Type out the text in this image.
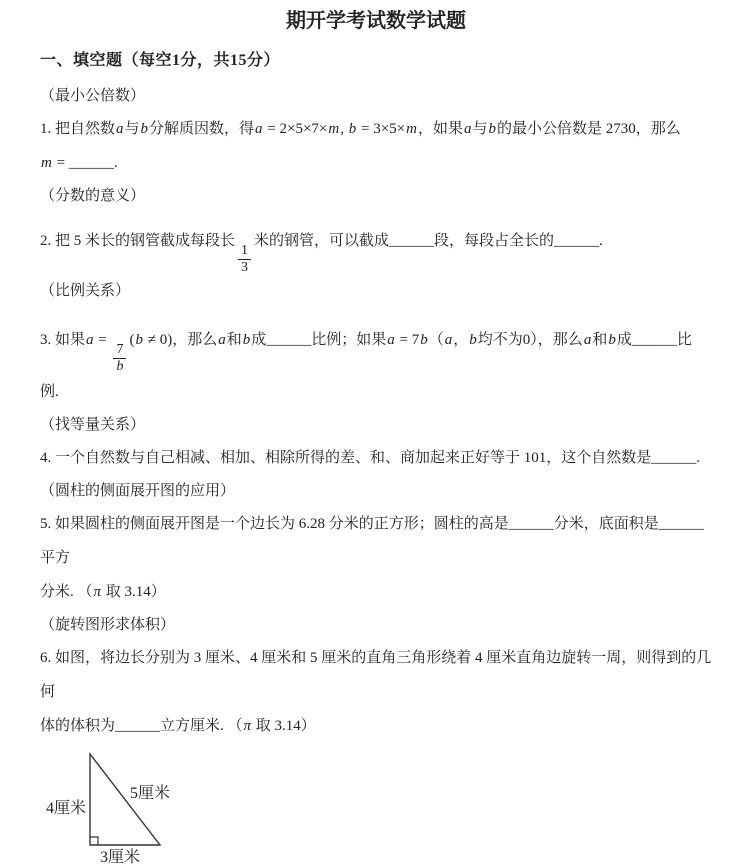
期开学考试数学试题
一、填空题（每空1分，共15分）
（最小公倍数）
1. 把自然数a与b分解质因数，得a = 2×5×7×m, b = 3×5×m，如果a与b的最小公倍数是 2730，那么
m = ______.
（分数的意义）
2. 把 5 米长的钢管截成每段长
$\frac{1}{3}$
米的钢管，可以截成______段，每段占全长的______.
（比例关系）
3. 如果a =
$\frac{7}{b}$
(b ≠ 0)，那么a和b成______比例；如果a = 7b（a，b均不为0），那么a和b成______比
例.
（找等量关系）
4. 一个自然数与自己相减、相加、相除所得的差、和、商加起来正好等于 101，这个自然数是______.
（圆柱的侧面展开图的应用）
5. 如果圆柱的侧面展开图是一个边长为 6.28 分米的正方形；圆柱的高是______分米，底面积是______平方
分米. （π 取 3.14）
（旋转图形求体积）
6. 如图，将边长分别为 3 厘米、4 厘米和 5 厘米的直角三角形绕着 4 厘米直角边旋转一周，则得到的几何
体的体积为______立方厘米. （π 取 3.14）
4厘米
5厘米
3厘米
